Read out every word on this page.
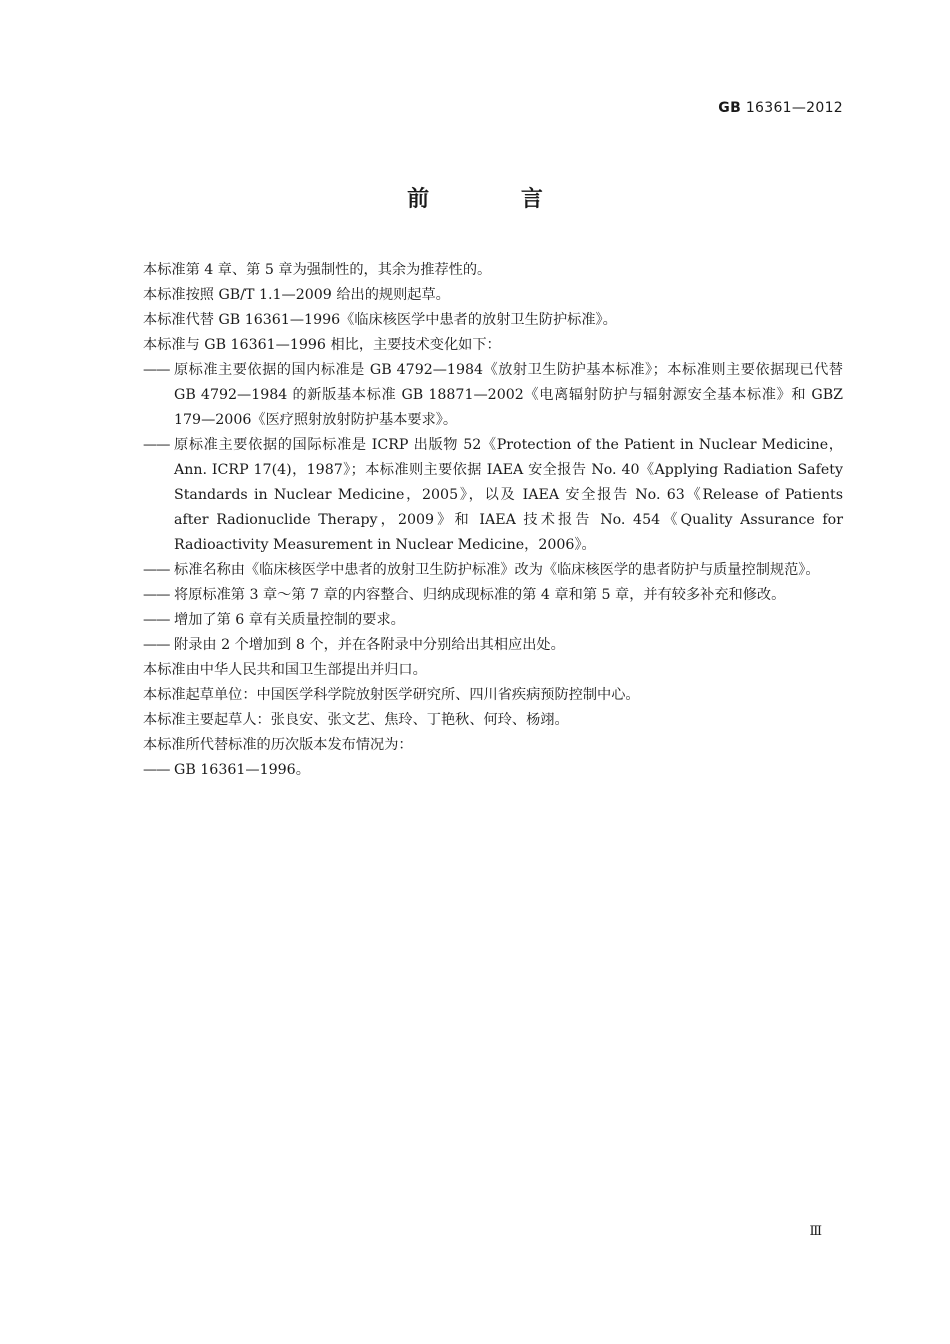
GB 16361—2012
前 言

本标准第 4 章、第 5 章为强制性的，其余为推荐性的。

本标准按照 GB/T 1.1—2009 给出的规则起草。

本标准代替 GB 16361—1996《临床核医学中患者的放射卫生防护标准》。

本标准与 GB 16361—1996 相比，主要技术变化如下：

—— 原标准主要依据的国内标准是 GB 4792—1984《放射卫生防护基本标准》；本标准则主要依据现已代替 GB 4792—1984 的新版基本标准 GB 18871—2002《电离辐射防护与辐射源安全基本标准》和 GBZ 179—2006《医疗照射放射防护基本要求》。
—— 原标准主要依据的国际标准是 ICRP 出版物 52《Protection of the Patient in Nuclear Medicine，Ann. ICRP 17(4)，1987》；本标准则主要依据 IAEA 安全报告 No. 40《Applying Radiation Safety Standards in Nuclear Medicine，2005》，以及 IAEA 安全报告 No. 63《Release of Patients after Radionuclide Therapy，2009》和 IAEA 技术报告 No. 454《Quality Assurance for Radioactivity Measurement in Nuclear Medicine，2006》。
—— 标准名称由《临床核医学中患者的放射卫生防护标准》改为《临床核医学的患者防护与质量控制规范》。
—— 将原标准第 3 章～第 7 章的内容整合、归纳成现标准的第 4 章和第 5 章，并有较多补充和修改。
—— 增加了第 6 章有关质量控制的要求。
—— 附录由 2 个增加到 8 个，并在各附录中分别给出其相应出处。

本标准由中华人民共和国卫生部提出并归口。

本标准起草单位：中国医学科学院放射医学研究所、四川省疾病预防控制中心。

本标准主要起草人：张良安、张文艺、焦玲、丁艳秋、何玲、杨翊。

本标准所代替标准的历次版本发布情况为：

—— GB 16361—1996。
Ⅲ
